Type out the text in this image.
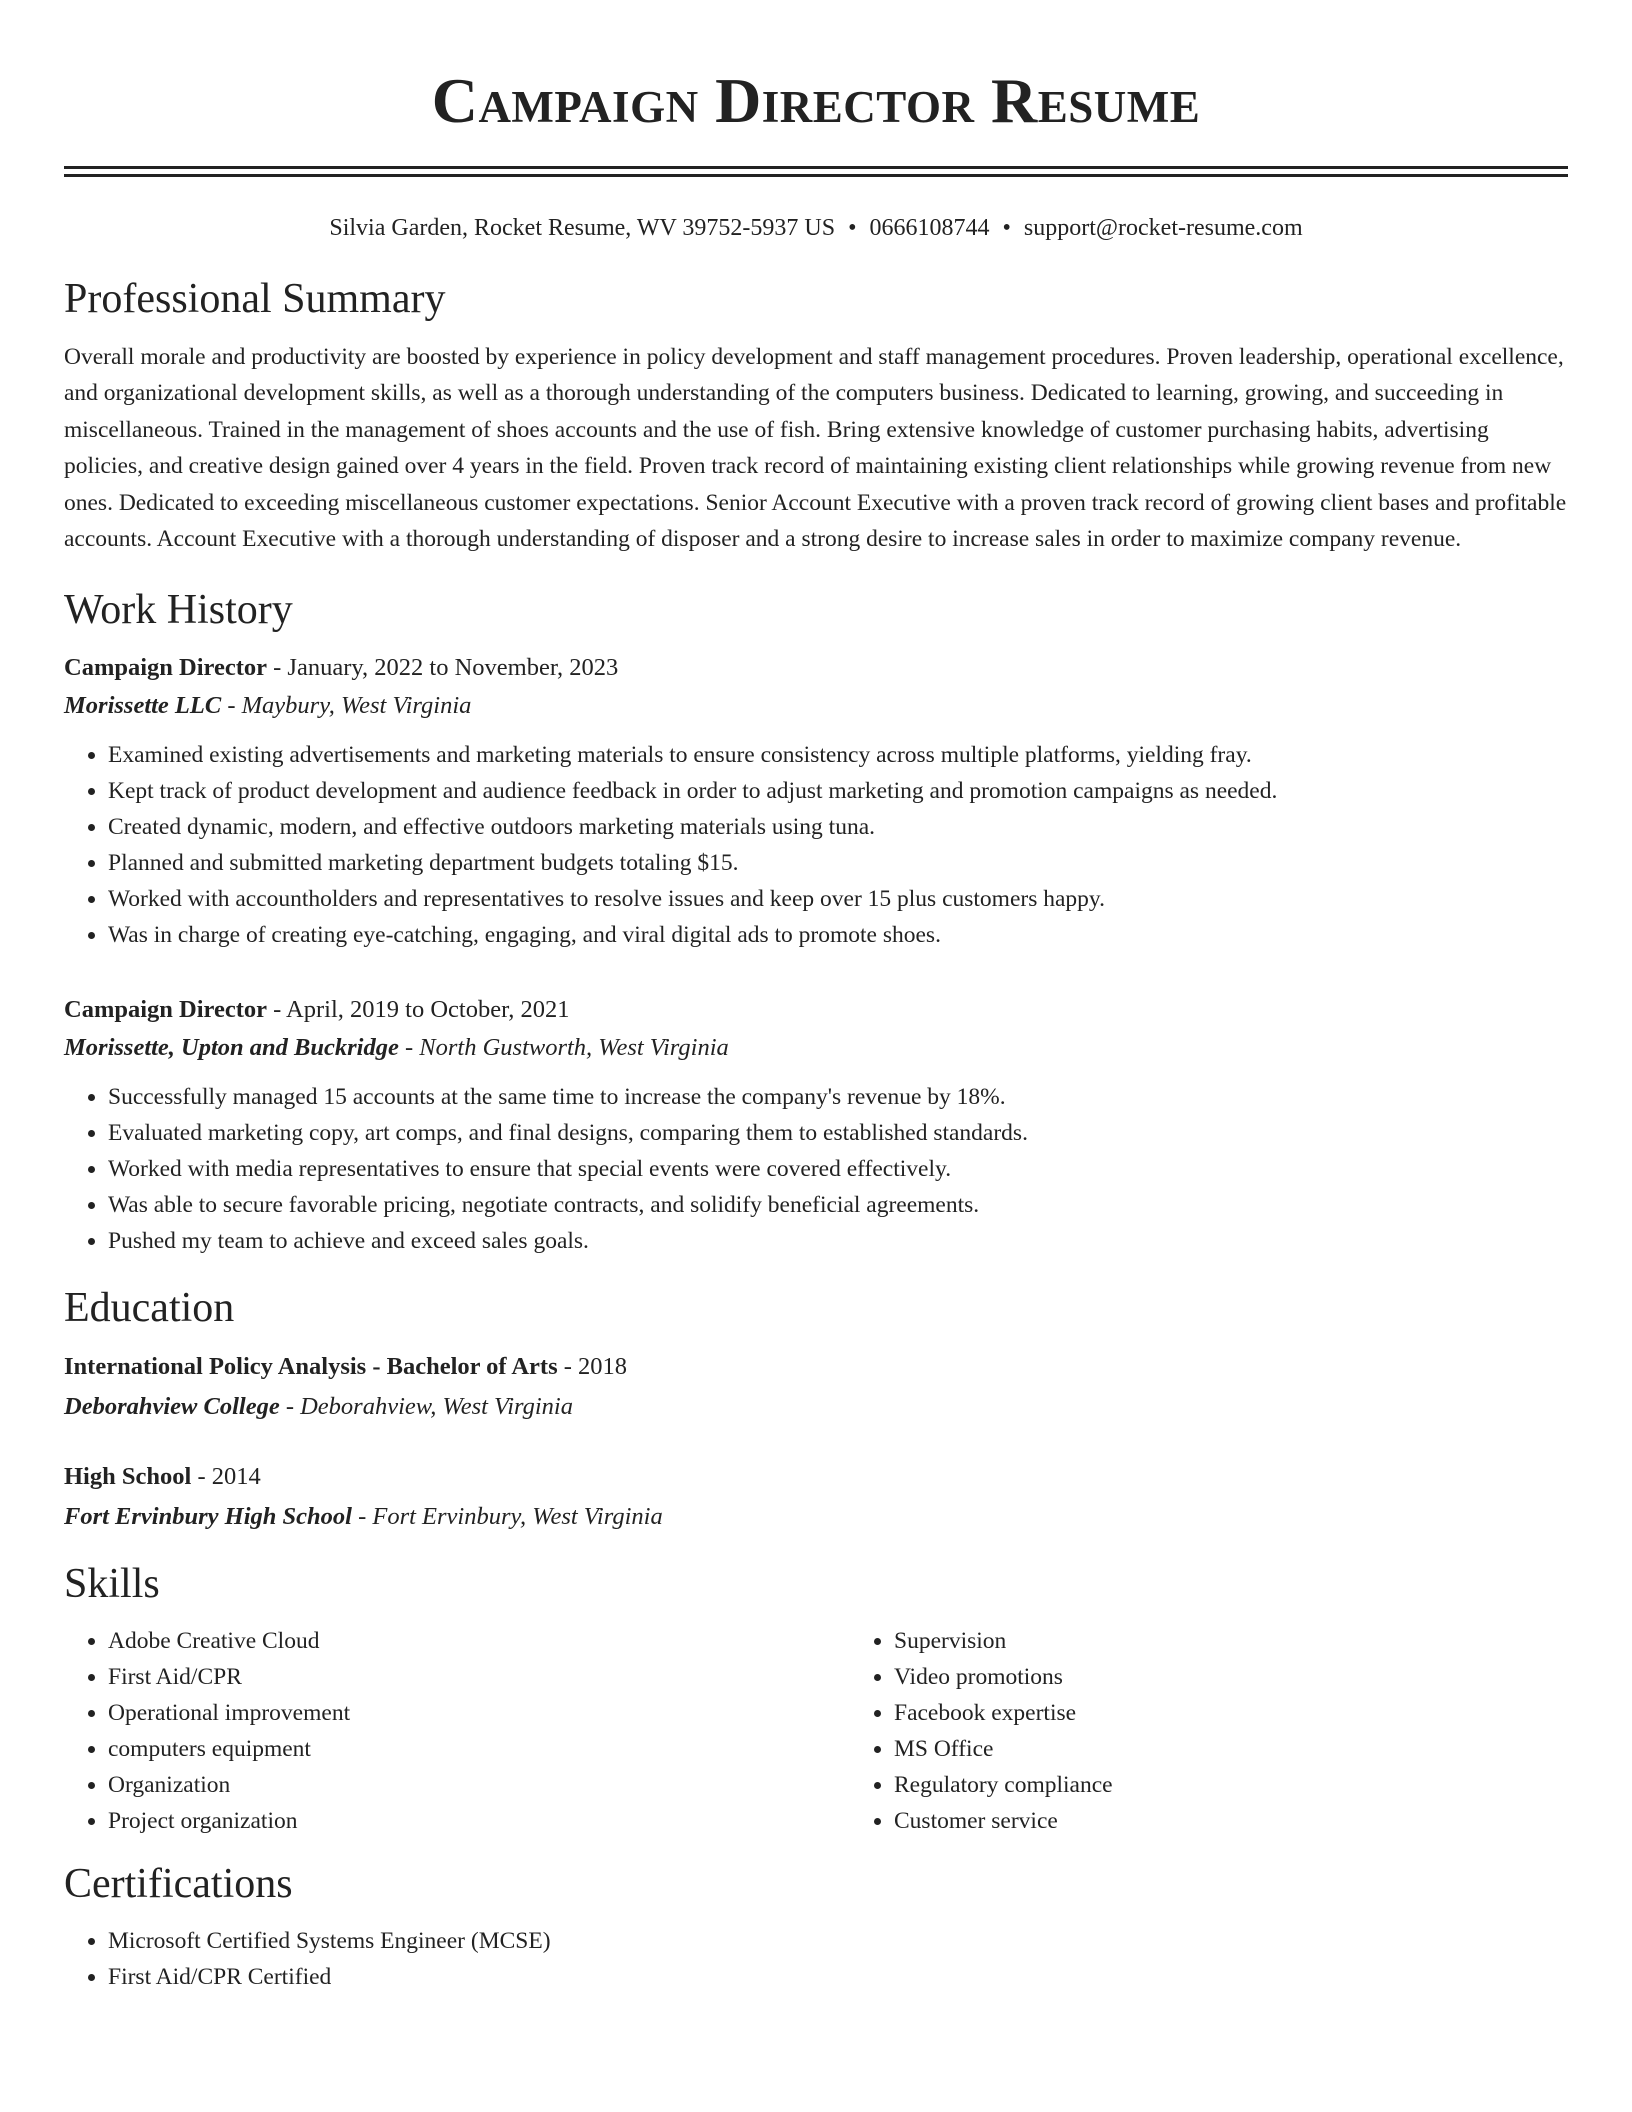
Campaign Director Resume
Silvia Garden, Rocket Resume, WV 39752-5937 US • 0666108744 • support@rocket-resume.com
Professional Summary

Overall morale and productivity are boosted by experience in policy development and staff management procedures. Proven leadership, operational excellence, and organizational development skills, as well as a thorough understanding of the computers business. Dedicated to learning, growing, and succeeding in miscellaneous. Trained in the management of shoes accounts and the use of fish. Bring extensive knowledge of customer purchasing habits, advertising policies, and creative design gained over 4 years in the field. Proven track record of maintaining existing client relationships while growing revenue from new ones. Dedicated to exceeding miscellaneous customer expectations. Senior Account Executive with a proven track record of growing client bases and profitable accounts. Account Executive with a thorough understanding of disposer and a strong desire to increase sales in order to maximize company revenue.

Work History
Campaign Director - January, 2022 to November, 2023
Morissette LLC - Maybury, West Virginia
• Examined existing advertisements and marketing materials to ensure consistency across multiple platforms, yielding fray.
• Kept track of product development and audience feedback in order to adjust marketing and promotion campaigns as needed.
• Created dynamic, modern, and effective outdoors marketing materials using tuna.
• Planned and submitted marketing department budgets totaling $15.
• Worked with accountholders and representatives to resolve issues and keep over 15 plus customers happy.
• Was in charge of creating eye-catching, engaging, and viral digital ads to promote shoes.
Campaign Director - April, 2019 to October, 2021
Morissette, Upton and Buckridge - North Gustworth, West Virginia
• Successfully managed 15 accounts at the same time to increase the company's revenue by 18%.
• Evaluated marketing copy, art comps, and final designs, comparing them to established standards.
• Worked with media representatives to ensure that special events were covered effectively.
• Was able to secure favorable pricing, negotiate contracts, and solidify beneficial agreements.
• Pushed my team to achieve and exceed sales goals.
Education
International Policy Analysis - Bachelor of Arts - 2018
Deborahview College - Deborahview, West Virginia
High School - 2014
Fort Ervinbury High School - Fort Ervinbury, West Virginia
Skills
• Adobe Creative Cloud
• First Aid/CPR
• Operational improvement
• computers equipment
• Organization
• Project organization
• Supervision
• Video promotions
• Facebook expertise
• MS Office
• Regulatory compliance
• Customer service
Certifications
• Microsoft Certified Systems Engineer (MCSE)
• First Aid/CPR Certified
